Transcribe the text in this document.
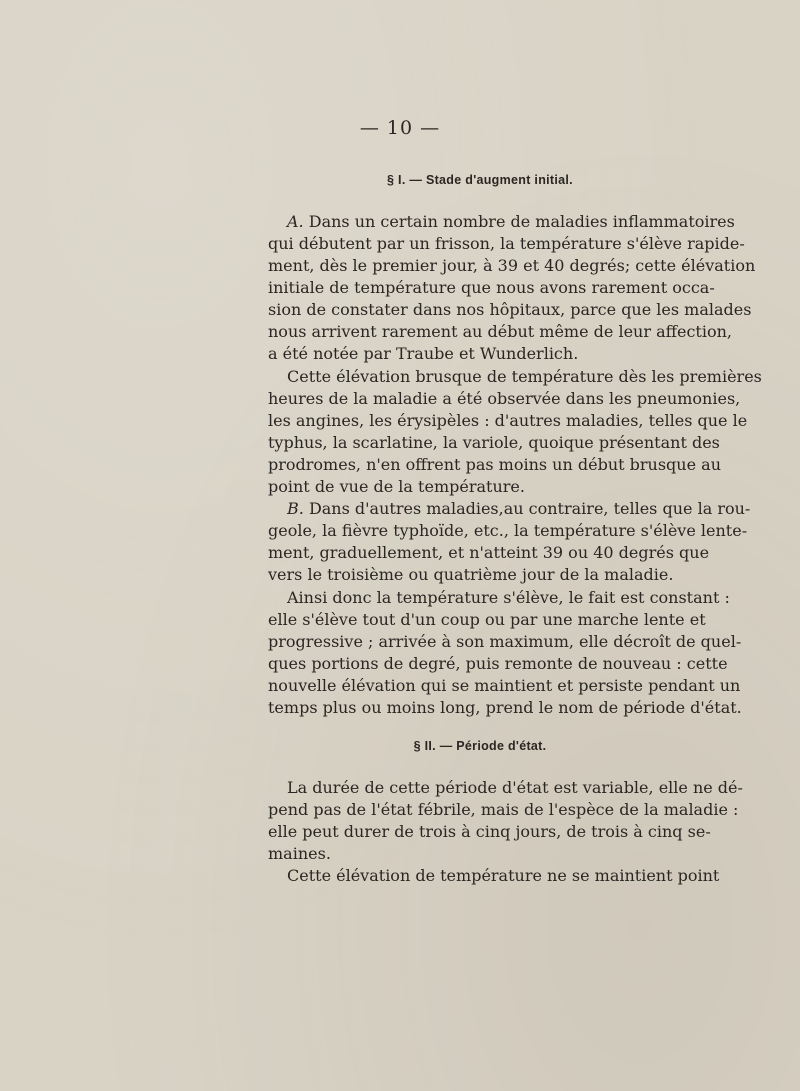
— 10 —
§ I. — Stade d'augment initial.
A. Dans un certain nombre de maladies inflammatoires
qui débutent par un frisson, la température s'élève rapide-
ment, dès le premier jour, à 39 et 40 degrés; cette élévation
initiale de température que nous avons rarement occa-
sion de constater dans nos hôpitaux, parce que les malades
nous arrivent rarement au début même de leur affection,
a été notée par Traube et Wunderlich.
Cette élévation brusque de température dès les premières
heures de la maladie a été observée dans les pneumonies,
les angines, les érysipèles : d'autres maladies, telles que le
typhus, la scarlatine, la variole, quoique présentant des
prodromes, n'en offrent pas moins un début brusque au
point de vue de la température.
B. Dans d'autres maladies,au contraire, telles que la rou-
geole, la fièvre typhoïde, etc., la température s'élève lente-
ment, graduellement, et n'atteint 39 ou 40 degrés que
vers le troisième ou quatrième jour de la maladie.
Ainsi donc la température s'élève, le fait est constant :
elle s'élève tout d'un coup ou par une marche lente et
progressive ; arrivée à son maximum, elle décroît de quel-
ques portions de degré, puis remonte de nouveau : cette
nouvelle élévation qui se maintient et persiste pendant un
temps plus ou moins long, prend le nom de période d'état.
§ II. — Période d'état.
La durée de cette période d'état est variable, elle ne dé-
pend pas de l'état fébrile, mais de l'espèce de la maladie :
elle peut durer de trois à cinq jours, de trois à cinq se-
maines.
Cette élévation de température ne se maintient point
